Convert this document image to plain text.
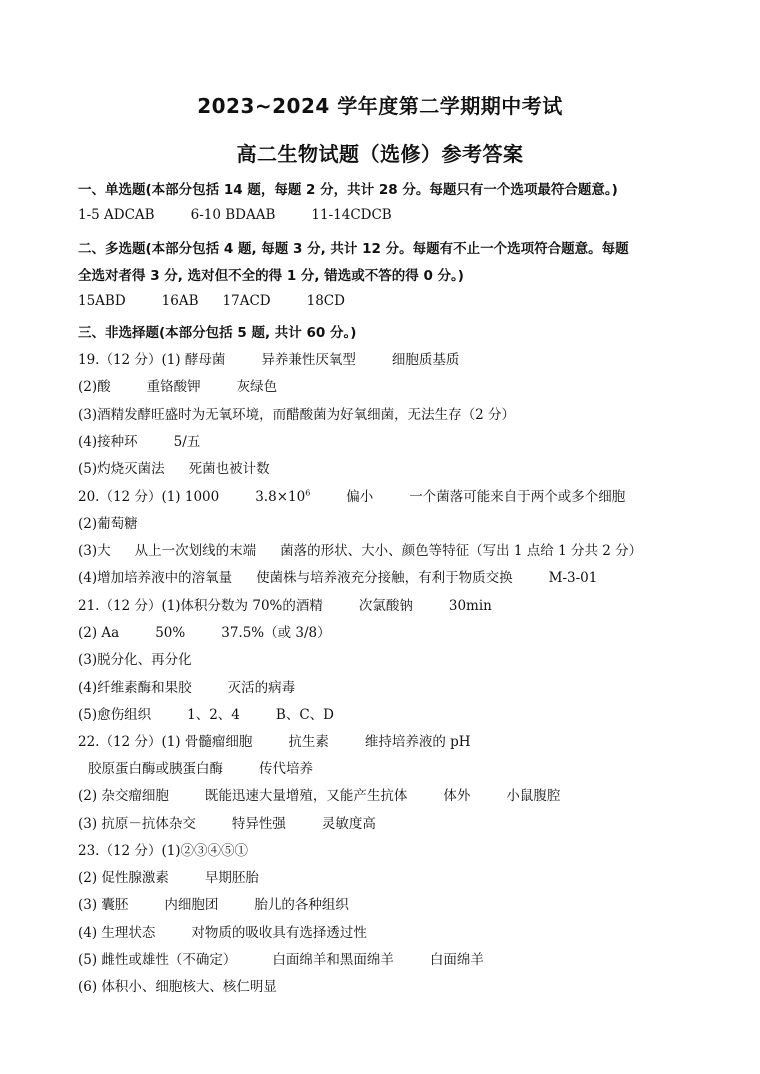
2023~2024 学年度第二学期期中考试
高二生物试题（选修）参考答案
一、单选题(本部分包括 14 题，每题 2 分，共计 28 分。每题只有一个选项最符合题意。)
1-5 ADCAB	6-10 BDAAB	11-14CDCB
二、多选题(本部分包括 4 题, 每题 3 分, 共计 12 分。每题有不止一个选项符合题意。每题
全选对者得 3 分, 选对但不全的得 1 分, 错选或不答的得 0 分。)
15ABD	16AB 17ACD	18CD
三、非选择题(本部分包括 5 题, 共计 60 分。)
19.（12 分）(1) 酵母菌	异养兼性厌氧型	细胞质基质
(2)酸	重铬酸钾	灰绿色
(3)酒精发酵旺盛时为无氧环境，而醋酸菌为好氧细菌，无法生存（2 分）
(4)接种环	5/五
(5)灼烧灭菌法 死菌也被计数
20.（12 分）(1) 1000	$3.8\times 10^6$	偏小	一个菌落可能来自于两个或多个细胞
(2)葡萄糖
(3)大 从上一次划线的末端 菌落的形状、大小、颜色等特征（写出 1 点给 1 分共 2 分）
(4)增加培养液中的溶氧量 使菌株与培养液充分接触，有利于物质交换	M-3-01
21.（12 分）(1)体积分数为 70%的酒精	次氯酸钠	30min
(2) Aa	50%	37.5%（或 3/8）
(3)脱分化、再分化
(4)纤维素酶和果胶	灭活的病毒
(5)愈伤组织	1、2、4	B、C、D
22.（12 分）(1) 骨髓瘤细胞	抗生素	维持培养液的 pH
胶原蛋白酶或胰蛋白酶	传代培养
(2) 杂交瘤细胞	既能迅速大量增殖，又能产生抗体	体外	小鼠腹腔
(3) 抗原－抗体杂交	特异性强	灵敏度高
23.（12 分）(1)②③④⑤①
(2) 促性腺激素	早期胚胎
(3) 囊胚	内细胞团	胎儿的各种组织
(4) 生理状态	对物质的吸收具有选择透过性
(5) 雌性或雄性（不确定）	白面绵羊和黑面绵羊	白面绵羊
(6) 体积小、细胞核大、核仁明显
